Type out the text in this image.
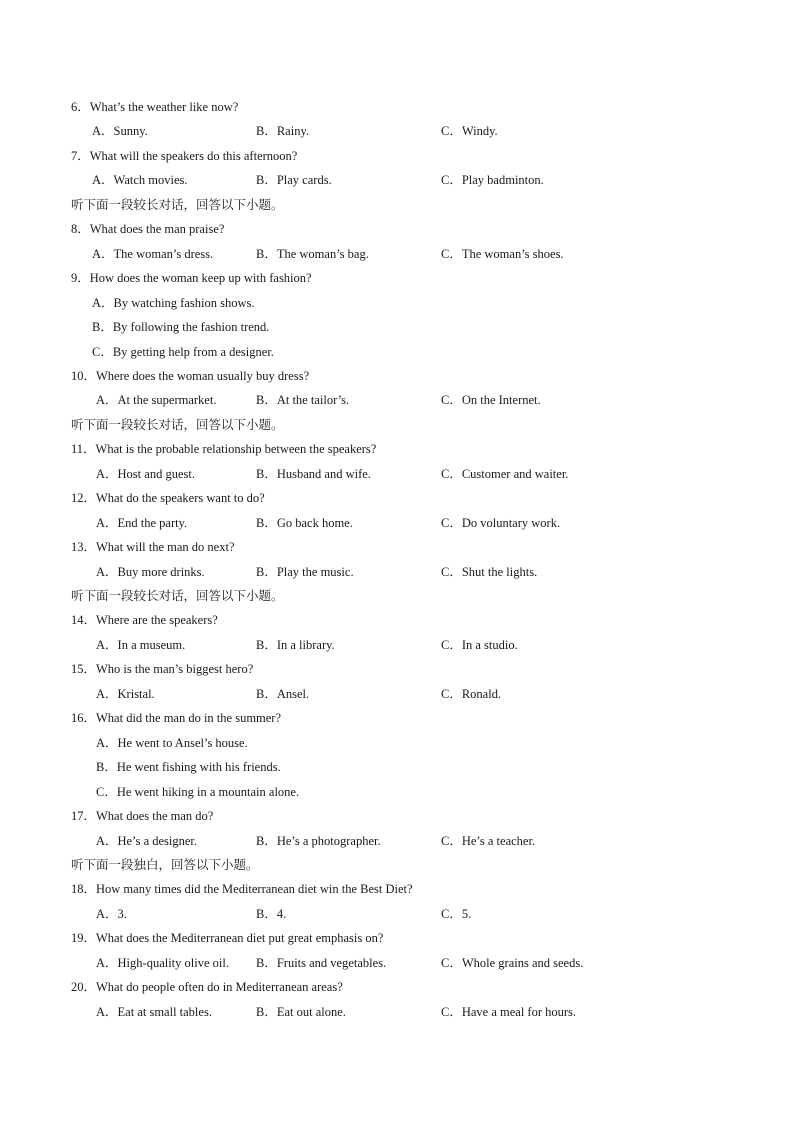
6．What’s the weather like now?
A．Sunny.	B．Rainy.	C．Windy.
7．What will the speakers do this afternoon?
A．Watch movies.	B．Play cards.	C．Play badminton.
听下面一段较长对话，回答以下小题。
8．What does the man praise?
A．The woman’s dress.	B．The woman’s bag.	C．The woman’s shoes.
9．How does the woman keep up with fashion?
A．By watching fashion shows.
B．By following the fashion trend.
C．By getting help from a designer.
10．Where does the woman usually buy dress?
A．At the supermarket.	B．At the tailor’s.	C．On the Internet.
听下面一段较长对话，回答以下小题。
11．What is the probable relationship between the speakers?
A．Host and guest.	B．Husband and wife.	C．Customer and waiter.
12．What do the speakers want to do?
A．End the party.	B．Go back home.	C．Do voluntary work.
13．What will the man do next?
A．Buy more drinks.	B．Play the music.	C．Shut the lights.
听下面一段较长对话，回答以下小题。
14．Where are the speakers?
A．In a museum.	B．In a library.	C．In a studio.
15．Who is the man’s biggest hero?
A．Kristal.	B．Ansel.	C．Ronald.
16．What did the man do in the summer?
A．He went to Ansel’s house.
B．He went fishing with his friends.
C．He went hiking in a mountain alone.
17．What does the man do?
A．He’s a designer.	B．He’s a photographer.	C．He’s a teacher.
听下面一段独白，回答以下小题。
18．How many times did the Mediterranean diet win the Best Diet?
A．3.	B．4.	C．5.
19．What does the Mediterranean diet put great emphasis on?
A．High-quality olive oil. B．Fruits and vegetables.	C．Whole grains and seeds.
20．What do people often do in Mediterranean areas?
A．Eat at small tables.	B．Eat out alone.	C．Have a meal for hours.
